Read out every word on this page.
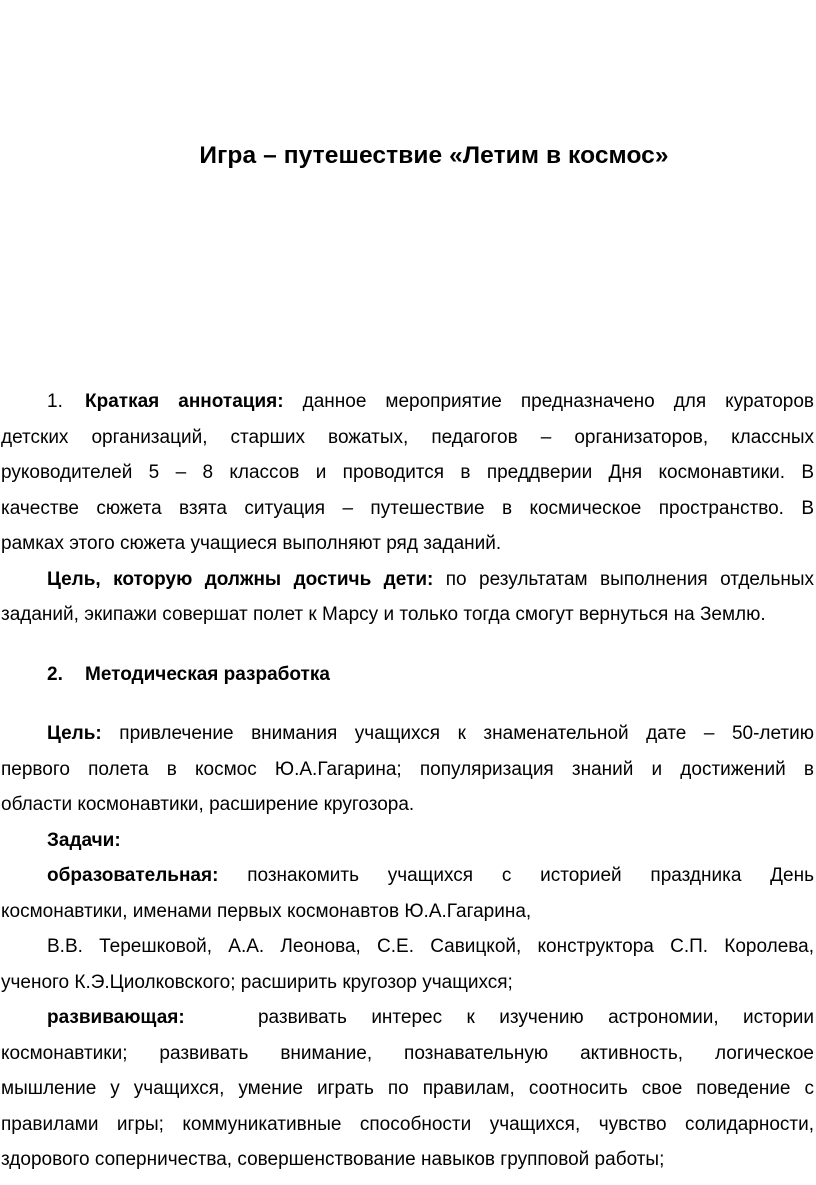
Игра – путешествие «Летим в космос»
1. Краткая аннотация: данное мероприятие предназначено для кураторов
детских организаций, старших вожатых, педагогов – организаторов, классных
руководителей 5 – 8 классов и проводится в преддверии Дня космонавтики. В
качестве сюжета взята ситуация – путешествие в космическое пространство. В
рамках этого сюжета учащиеся выполняют ряд заданий.
Цель, которую должны достичь дети: по результатам выполнения отдельных
заданий, экипажи совершат полет к Марсу и только тогда смогут вернуться на Землю.
2. Методическая разработка
Цель: привлечение внимания учащихся к знаменательной дате – 50-летию
первого полета в космос Ю.А.Гагарина; популяризация знаний и достижений в
области космонавтики, расширение кругозора.
Задачи:
образовательная: познакомить учащихся с историей праздника День
космонавтики, именами первых космонавтов Ю.А.Гагарина,
В.В. Терешковой, А.А. Леонова, С.Е. Савицкой, конструктора С.П. Королева,
ученого К.Э.Циолковского; расширить кругозор учащихся;
развивающая:	развивать интерес к изучению астрономии, истории
космонавтики; развивать внимание, познавательную активность, логическое
мышление у учащихся, умение играть по правилам, соотносить свое поведение с
правилами игры; коммуникативные способности учащихся, чувство солидарности,
здорового соперничества, совершенствование навыков групповой работы;
